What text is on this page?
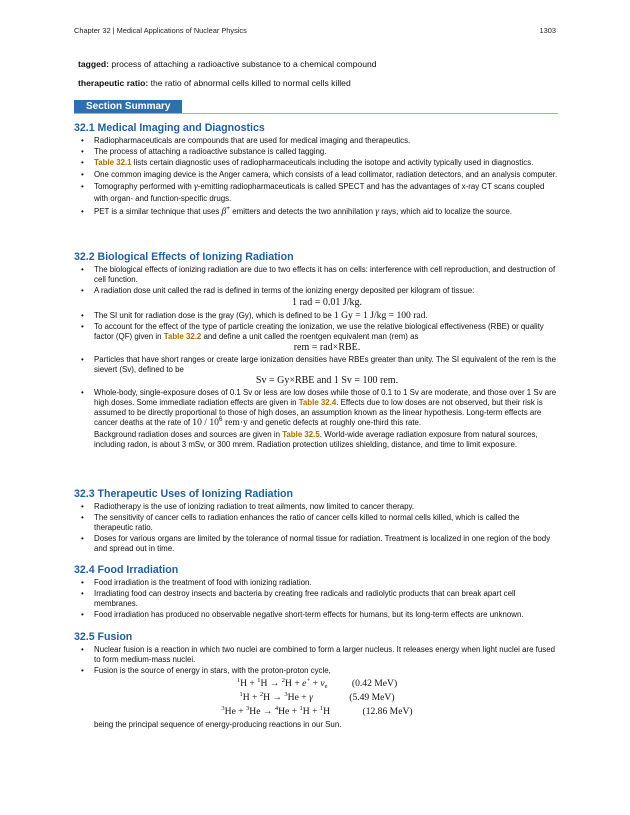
Chapter 32 | Medical Applications of Nuclear Physics	1303
tagged: process of attaching a radioactive substance to a chemical compound
therapeutic ratio: the ratio of abnormal cells killed to normal cells killed
Section Summary
32.1 Medical Imaging and Diagnostics
• Radiopharmaceuticals are compounds that are used for medical imaging and therapeutics.
• The process of attaching a radioactive substance is called tagging.
• Table 32.1 lists certain diagnostic uses of radiopharmaceuticals including the isotope and activity typically used in diagnostics.
• One common imaging device is the Anger camera, which consists of a lead collimator, radiation detectors, and an analysis computer.
• Tomography performed with γ-emitting radiopharmaceuticals is called SPECT and has the advantages of x-ray CT scans coupled with organ- and function-specific drugs.
• PET is a similar technique that uses β+ emitters and detects the two annihilation γ rays, which aid to localize the source.
32.2 Biological Effects of Ionizing Radiation
• The biological effects of ionizing radiation are due to two effects it has on cells: interference with cell reproduction, and destruction of cell function.
• A radiation dose unit called the rad is defined in terms of the ionizing energy deposited per kilogram of tissue:
1 rad = 0.01 J/kg.
• The SI unit for radiation dose is the gray (Gy), which is defined to be 1 Gy = 1 J/kg = 100 rad.
• To account for the effect of the type of particle creating the ionization, we use the relative biological effectiveness (RBE) or quality factor (QF) given in Table 32.2 and define a unit called the roentgen equivalent man (rem) as
rem = rad×RBE.
• Particles that have short ranges or create large ionization densities have RBEs greater than unity. The SI equivalent of the rem is the sievert (Sv), defined to be
Sv = Gy×RBE and 1 Sv = 100 rem.
• Whole-body, single-exposure doses of 0.1 Sv or less are low doses while those of 0.1 to 1 Sv are moderate, and those over 1 Sv are high doses. Some immediate radiation effects are given in Table 32.4. Effects due to low doses are not observed, but their risk is assumed to be directly proportional to those of high doses, an assumption known as the linear hypothesis. Long-term effects are cancer deaths at the rate of $10 / 10^6$ rem·y and genetic defects at roughly one-third this rate.
Background radiation doses and sources are given in Table 32.5. World-wide average radiation exposure from natural sources, including radon, is about 3 mSv, or 300 mrem. Radiation protection utilizes shielding, distance, and time to limit exposure.
32.3 Therapeutic Uses of Ionizing Radiation
• Radiotherapy is the use of ionizing radiation to treat ailments, now limited to cancer therapy.
• The sensitivity of cancer cells to radiation enhances the ratio of cancer cells killed to normal cells killed, which is called the therapeutic ratio.
• Doses for various organs are limited by the tolerance of normal tissue for radiation. Treatment is localized in one region of the body and spread out in time.
32.4 Food Irradiation
• Food irradiation is the treatment of food with ionizing radiation.
• Irradiating food can destroy insects and bacteria by creating free radicals and radiolytic products that can break apart cell membranes.
• Food irradiation has produced no observable negative short-term effects for humans, but its long-term effects are unknown.
32.5 Fusion
• Nuclear fusion is a reaction in which two nuclei are combined to form a larger nucleus. It releases energy when light nuclei are fused to form medium-mass nuclei.
• Fusion is the source of energy in stars, with the proton-proton cycle,
$^1H + ^1H \to ^2H + e^+ + \nu_e$	(0.42 MeV)
$^1$H + $^2$H → $^3$He + γ	(5.49 MeV)
$^3$He + $^3$He → $^4$He + $^1$H + $^1$H	(12.86 MeV)
being the principal sequence of energy-producing reactions in our Sun.
